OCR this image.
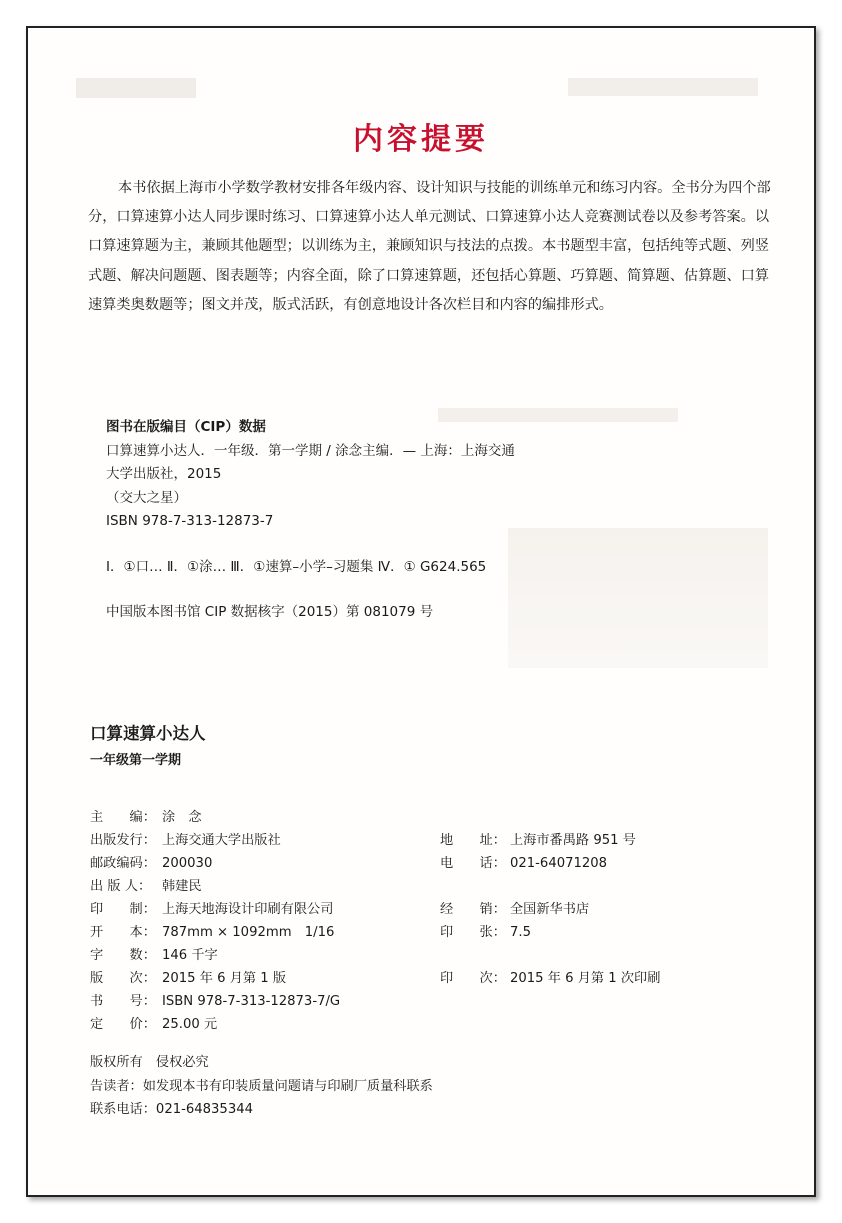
内容提要

本书依据上海市小学数学教材安排各年级内容、设计知识与技能的训练单元和练习内容。全书分为四个部分，口算速算小达人同步课时练习、口算速算小达人单元测试、口算速算小达人竞赛测试卷以及参考答案。以口算速算题为主，兼顾其他题型；以训练为主，兼顾知识与技法的点拨。本书题型丰富，包括纯等式题、列竖式题、解决问题题、图表题等；内容全面，除了口算速算题，还包括心算题、巧算题、简算题、估算题、口算速算类奥数题等；图文并茂，版式活跃，有创意地设计各次栏目和内容的编排形式。

图书在版编目（CIP）数据
口算速算小达人．一年级．第一学期 / 涂念主编．— 上海：上海交通
大学出版社，2015
（交大之星）
ISBN 978-7-313-12873-7
Ⅰ．①口… Ⅱ．①涂… Ⅲ．①速算–小学–习题集 Ⅳ．① G624.565
中国版本图书馆 CIP 数据核字（2015）第 081079 号
口算速算小达人
一年级第一学期
主　　编： 涂　念
出版发行： 上海交通大学出版社
邮政编码： 200030
出 版 人： 韩建民
印　　制： 上海天地海设计印刷有限公司
开　　本： 787mm × 1092mm　1/16
字　　数： 146 千字
版　　次： 2015 年 6 月第 1 版
书　　号： ISBN 978-7-313-12873-7/G
定　　价： 25.00 元
地　　址： 上海市番禺路 951 号
电　　话： 021-64071208
经　　销： 全国新华书店
印　　张： 7.5
印　　次： 2015 年 6 月第 1 次印刷
版权所有　侵权必究
告读者：如发现本书有印装质量问题请与印刷厂质量科联系
联系电话：021-64835344
